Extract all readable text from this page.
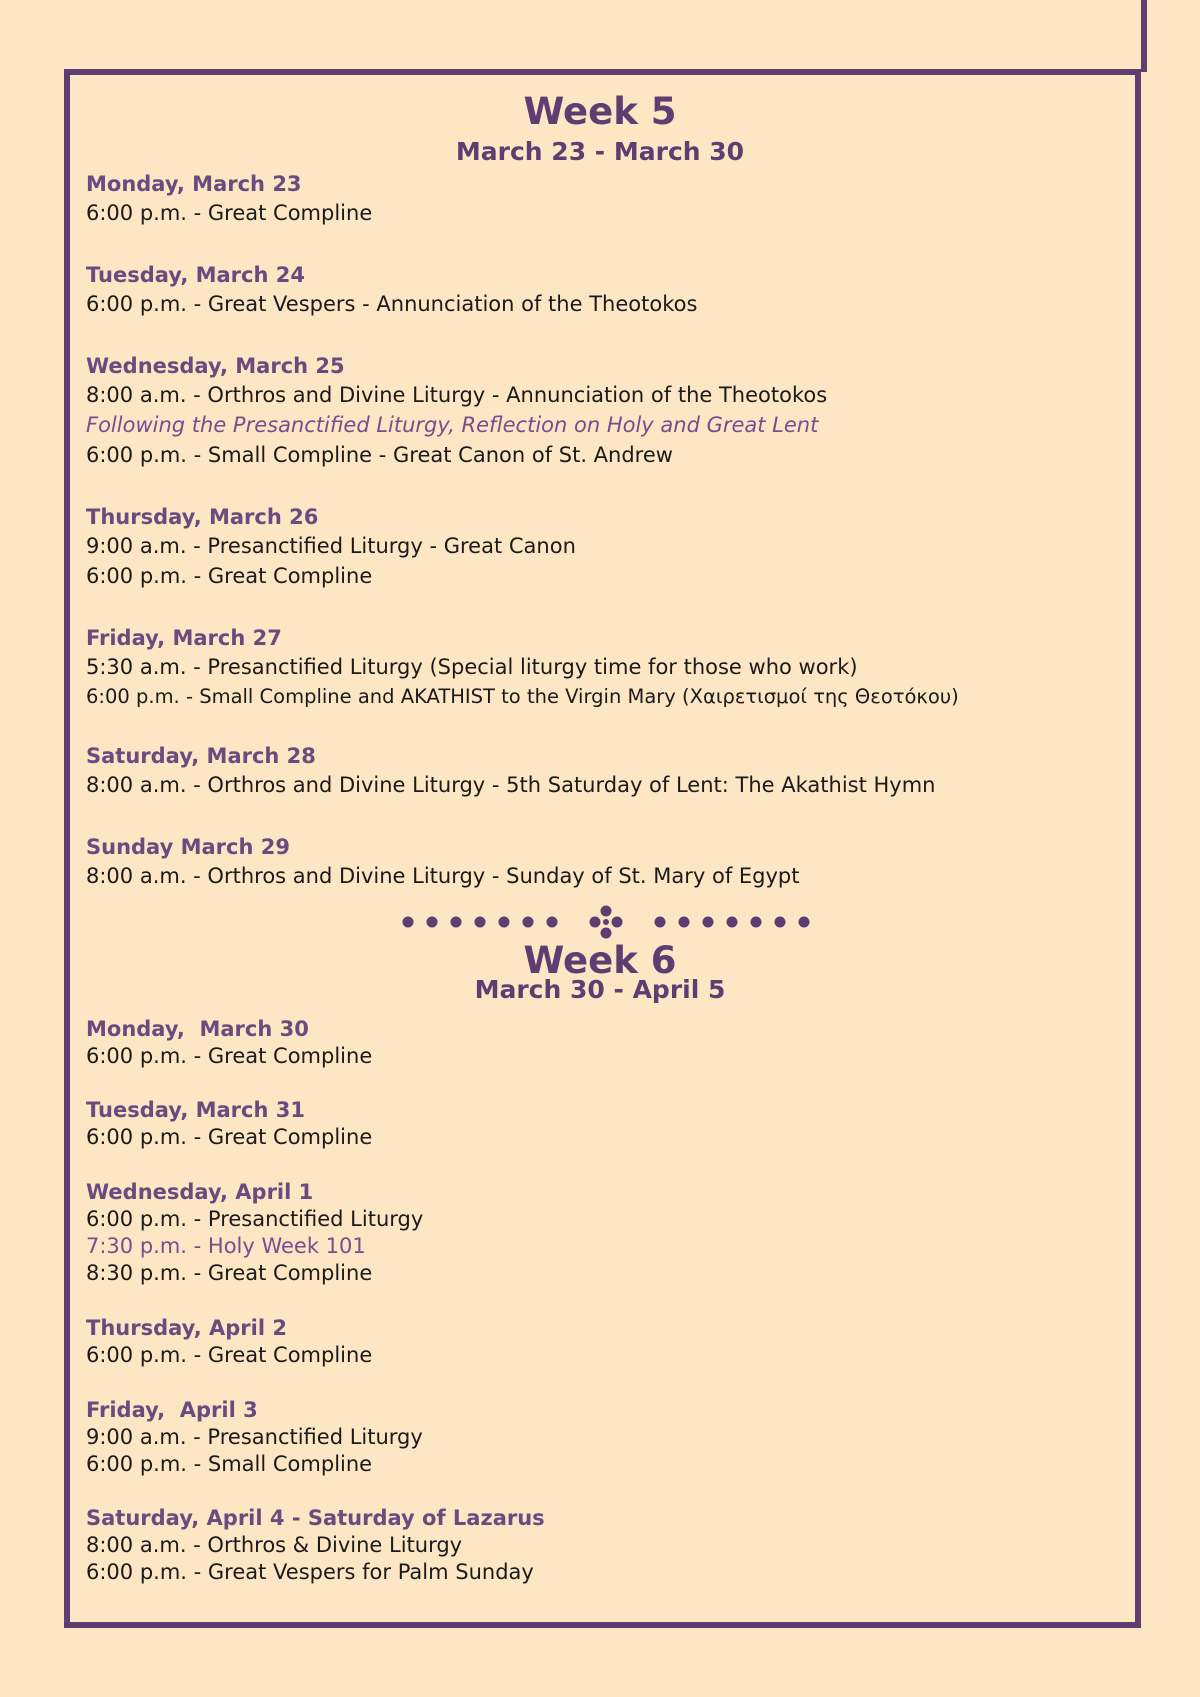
Week 5
March 23 - March 30
Monday, March 23
6:00 p.m. - Great Compline
Tuesday, March 24
6:00 p.m. - Great Vespers - Annunciation of the Theotokos
Wednesday, March 25
8:00 a.m. - Orthros and Divine Liturgy - Annunciation of the Theotokos
Following the Presanctified Liturgy, Reflection on Holy and Great Lent
6:00 p.m. - Small Compline - Great Canon of St. Andrew
Thursday, March 26
9:00 a.m. - Presanctified Liturgy - Great Canon
6:00 p.m. - Great Compline
Friday, March 27
5:30 a.m. - Presanctified Liturgy (Special liturgy time for those who work)
6:00 p.m. - Small Compline and AKATHIST to the Virgin Mary (Χαιρετισμοί της Θεοτόκου)
Saturday, March 28
8:00 a.m. - Orthros and Divine Liturgy - 5th Saturday of Lent: The Akathist Hymn
Sunday March 29
8:00 a.m. - Orthros and Divine Liturgy - Sunday of St. Mary of Egypt
Week 6
March 30 - April 5
Monday,  March 30
6:00 p.m. - Great Compline
Tuesday, March 31
6:00 p.m. - Great Compline
Wednesday, April 1
6:00 p.m. - Presanctified Liturgy
7:30 p.m. - Holy Week 101
8:30 p.m. - Great Compline
Thursday, April 2
6:00 p.m. - Great Compline
Friday,  April 3
9:00 a.m. - Presanctified Liturgy
6:00 p.m. - Small Compline
Saturday, April 4 - Saturday of Lazarus
8:00 a.m. - Orthros & Divine Liturgy
6:00 p.m. - Great Vespers for Palm Sunday
